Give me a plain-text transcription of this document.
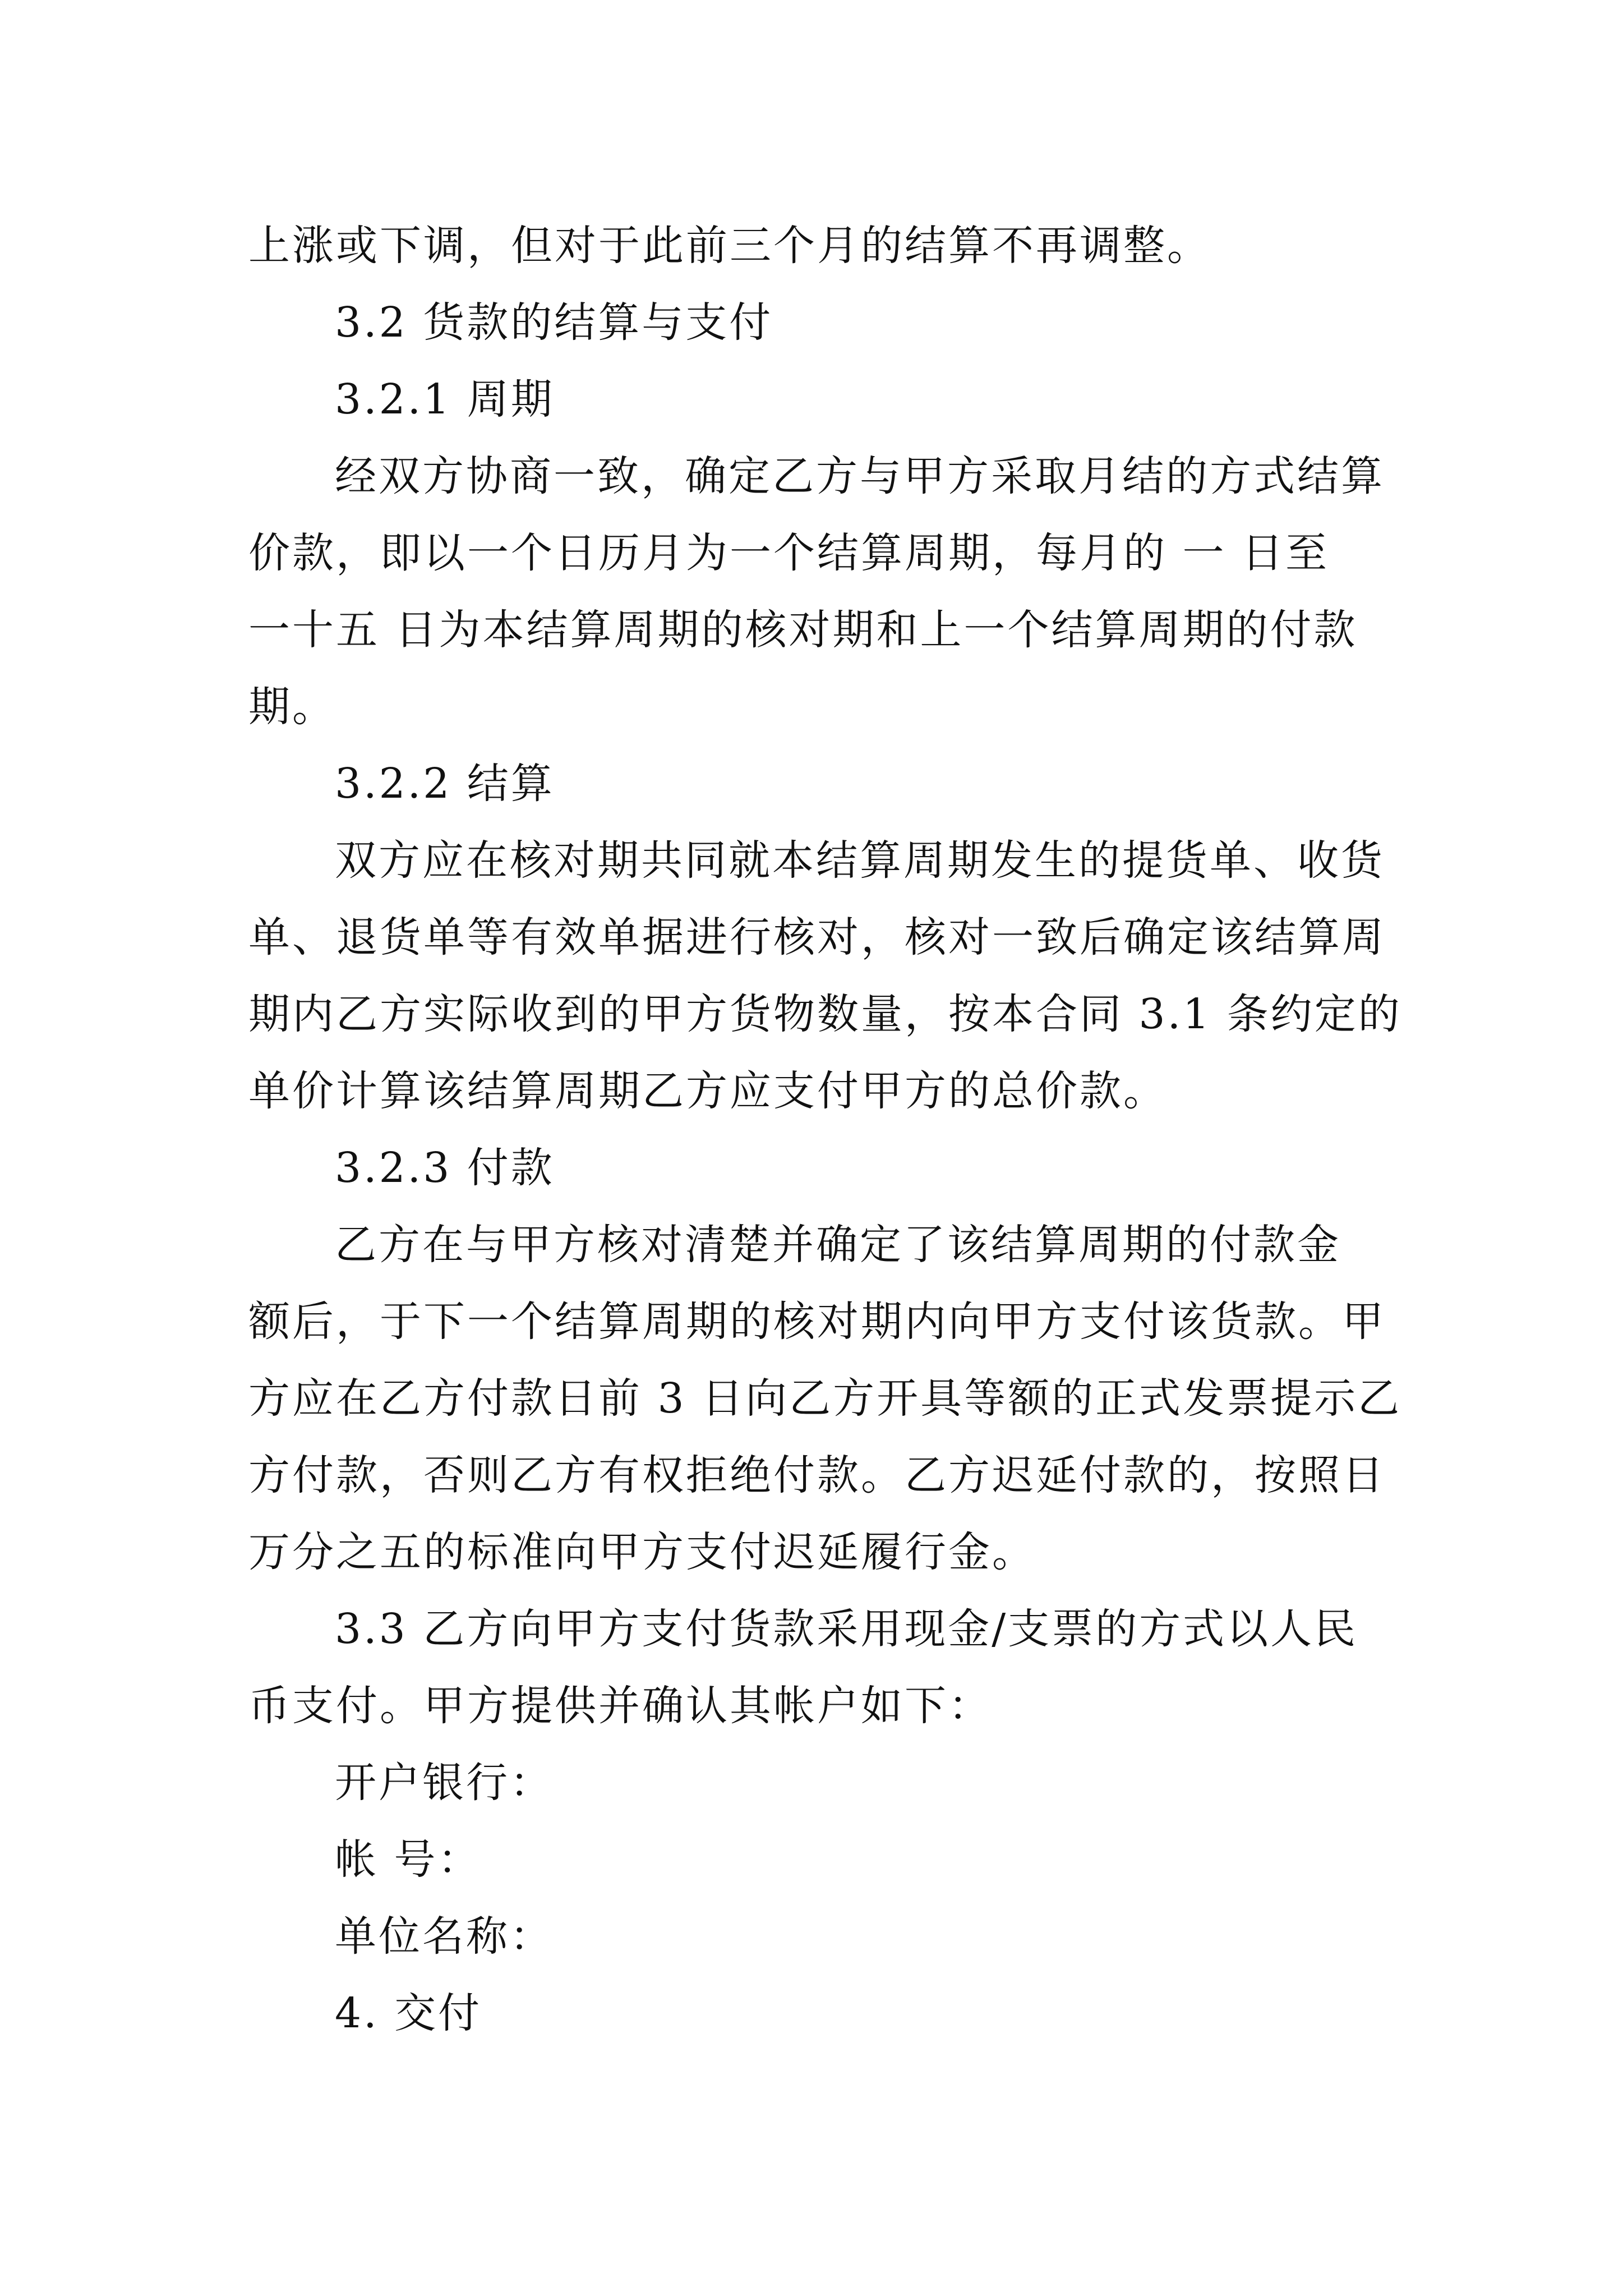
上涨或下调，但对于此前三个月的结算不再调整。
3.2 货款的结算与支付
3.2.1 周期
经双方协商一致，确定乙方与甲方采取月结的方式结算
价款，即以一个日历月为一个结算周期，每月的 一 日至
一十五 日为本结算周期的核对期和上一个结算周期的付款
期。
3.2.2 结算
双方应在核对期共同就本结算周期发生的提货单、收货
单、退货单等有效单据进行核对，核对一致后确定该结算周
期内乙方实际收到的甲方货物数量，按本合同 3.1 条约定的
单价计算该结算周期乙方应支付甲方的总价款。
3.2.3 付款
乙方在与甲方核对清楚并确定了该结算周期的付款金
额后，于下一个结算周期的核对期内向甲方支付该货款。甲
方应在乙方付款日前 3 日向乙方开具等额的正式发票提示乙
方付款，否则乙方有权拒绝付款。乙方迟延付款的，按照日
万分之五的标准向甲方支付迟延履行金。
3.3 乙方向甲方支付货款采用现金/支票的方式以人民
币支付。甲方提供并确认其帐户如下：
开户银行：
帐 号：
单位名称：
4. 交付
